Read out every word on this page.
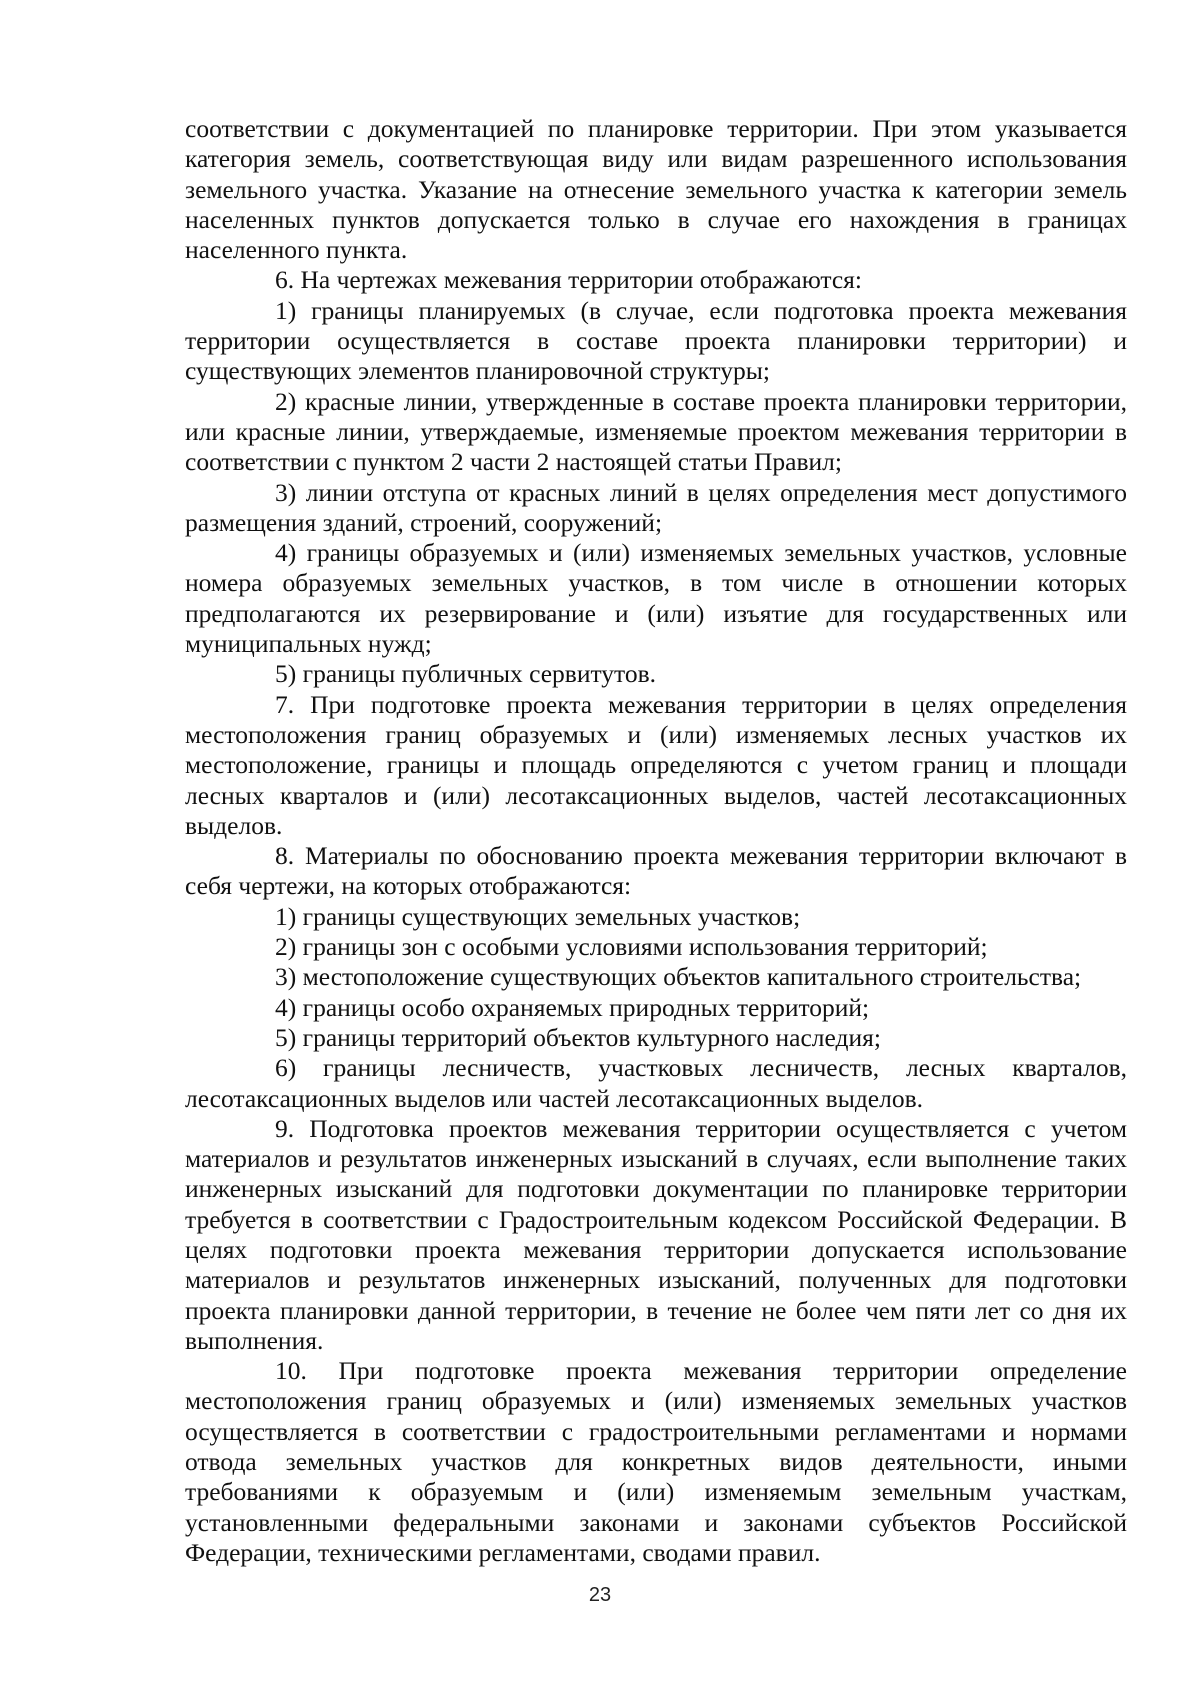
соответствии с документацией по планировке территории. При этом указывается категория земель, соответствующая виду или видам разрешенного использования земельного участка. Указание на отнесение земельного участка к категории земель населенных пунктов допускается только в случае его нахождения в границах населенного пункта.

6. На чертежах межевания территории отображаются:

1) границы планируемых (в случае, если подготовка проекта межевания территории осуществляется в составе проекта планировки территории) и существующих элементов планировочной структуры;

2) красные линии, утвержденные в составе проекта планировки территории, или красные линии, утверждаемые, изменяемые проектом межевания территории в соответствии с пунктом 2 части 2 настоящей статьи Правил;

3) линии отступа от красных линий в целях определения мест допустимого размещения зданий, строений, сооружений;

4) границы образуемых и (или) изменяемых земельных участков, условные номера образуемых земельных участков, в том числе в отношении которых предполагаются их резервирование и (или) изъятие для государственных или муниципальных нужд;

5) границы публичных сервитутов.

7. При подготовке проекта межевания территории в целях определения местоположения границ образуемых и (или) изменяемых лесных участков их местоположение, границы и площадь определяются с учетом границ и площади лесных кварталов и (или) лесотаксационных выделов, частей лесотаксационных выделов.

8. Материалы по обоснованию проекта межевания территории включают в себя чертежи, на которых отображаются:

1) границы существующих земельных участков;

2) границы зон с особыми условиями использования территорий;

3) местоположение существующих объектов капитального строительства;

4) границы особо охраняемых природных территорий;

5) границы территорий объектов культурного наследия;

6) границы лесничеств, участковых лесничеств, лесных кварталов, лесотаксационных выделов или частей лесотаксационных выделов.

9. Подготовка проектов межевания территории осуществляется с учетом материалов и результатов инженерных изысканий в случаях, если выполнение таких инженерных изысканий для подготовки документации по планировке территории требуется в соответствии с Градостроительным кодексом Российской Федерации. В целях подготовки проекта межевания территории допускается использование материалов и результатов инженерных изысканий, полученных для подготовки проекта планировки данной территории, в течение не более чем пяти лет со дня их выполнения.

10. При подготовке проекта межевания территории определение местоположения границ образуемых и (или) изменяемых земельных участков осуществляется в соответствии с градостроительными регламентами и нормами отвода земельных участков для конкретных видов деятельности, иными требованиями к образуемым и (или) изменяемым земельным участкам, установленными федеральными законами и законами субъектов Российской Федерации, техническими регламентами, сводами правил.

23
